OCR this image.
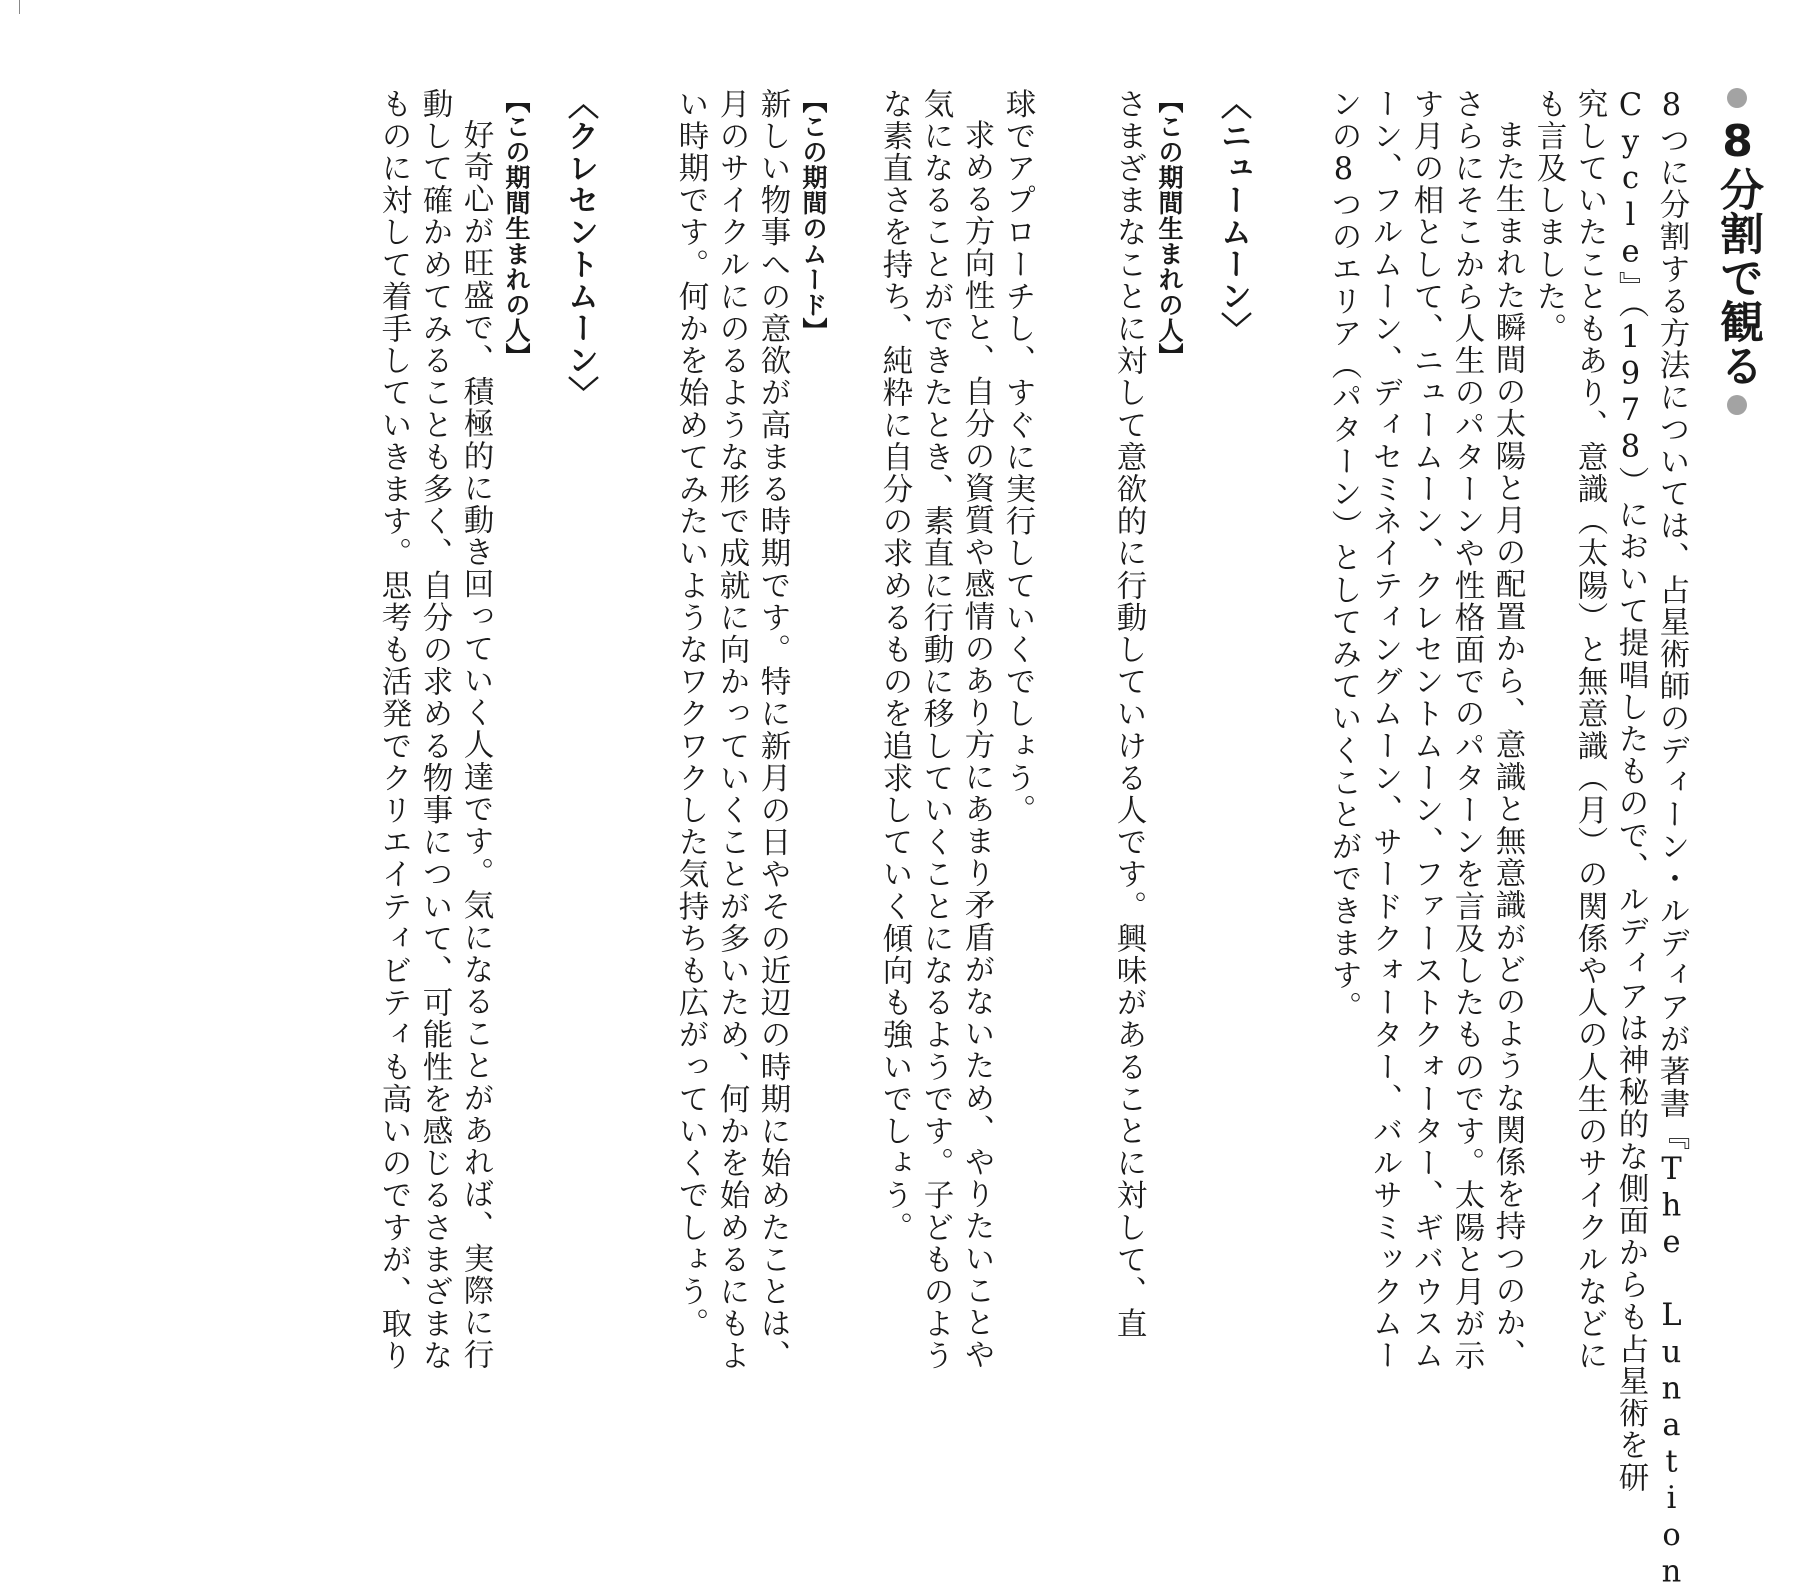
8分割で観る

8つに分割する方法については、占星術師のディーン・ルディアが著書『The Lunation

Cycle』（1978）において提唱したもので、ルディアは神秘的な側面からも占星術を研

究していたこともあり、意識（太陽）と無意識（月）の関係や人の人生のサイクルなどに

も言及しました。

また生まれた瞬間の太陽と月の配置から、意識と無意識がどのような関係を持つのか、

さらにそこから人生のパターンや性格面でのパターンを言及したものです。太陽と月が示

す月の相として、ニュームーン、クレセントムーン、ファーストクォーター、ギバウスム

ーン、フルムーン、ディセミネイティングムーン、サードクォーター、バルサミックムー

ンの8つのエリア（パターン）としてみていくことができます。

〈ニュームーン〉
【この期間生まれの人】

さまざまなことに対して意欲的に行動していける人です。興味があることに対して、直

球でアプローチし、すぐに実行していくでしょう。

求める方向性と、自分の資質や感情のあり方にあまり矛盾がないため、やりたいことや

気になることができたとき、素直に行動に移していくことになるようです。子どものよう

な素直さを持ち、純粋に自分の求めるものを追求していく傾向も強いでしょう。

【この期間のムード】

新しい物事への意欲が高まる時期です。特に新月の日やその近辺の時期に始めたことは、

月のサイクルにのるような形で成就に向かっていくことが多いため、何かを始めるにもよ

い時期です。何かを始めてみたいようなワクワクした気持ちも広がっていくでしょう。

〈クレセントムーン〉
【この期間生まれの人】

好奇心が旺盛で、積極的に動き回っていく人達です。気になることがあれば、実際に行

動して確かめてみることも多く、自分の求める物事について、可能性を感じるさまざまな

ものに対して着手していきます。思考も活発でクリエイティビティも高いのですが、取り
